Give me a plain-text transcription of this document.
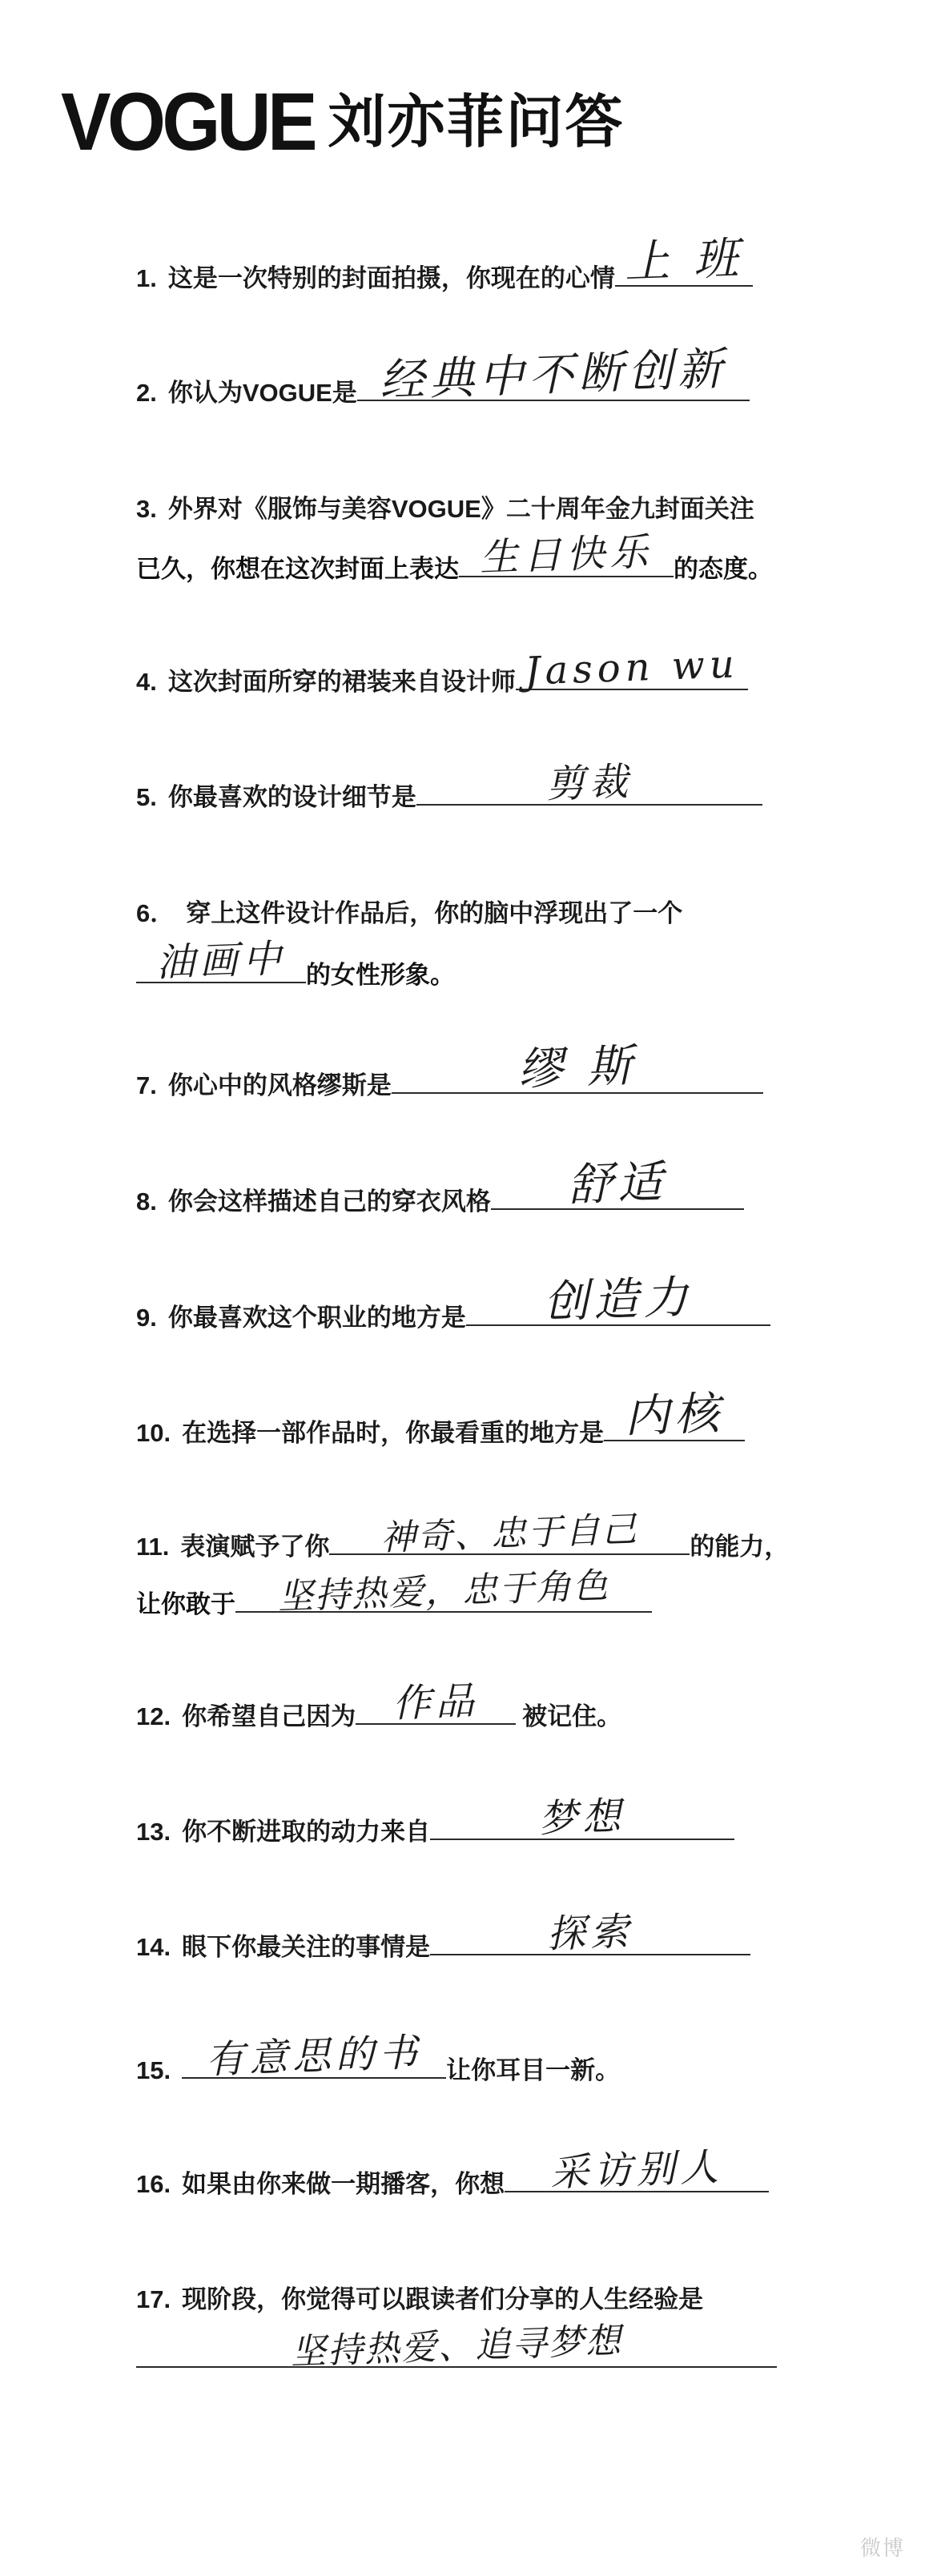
VOGUE 刘亦菲问答
1. 这是一次特别的封面拍摄，你现在的心情 上 班
2. 你认为VOGUE是 经典中不断创新
3. 外界对《服饰与美容VOGUE》二十周年金九封面关注
已久，你想在这次封面上表达 生日快乐 的态度。
4. 这次封面所穿的裙装来自设计师 Jason wu
5. 你最喜欢的设计细节是	剪裁
6． 穿上这件设计作品后，你的脑中浮现出了一个
油画中 的女性形象。
7. 你心中的风格缪斯是	缪 斯
8. 你会这样描述自己的穿衣风格	舒适
9. 你最喜欢这个职业的地方是	创造力
10. 在选择一部作品时，你最看重的地方是 内核
11. 表演赋予了你	神奇、忠于自己	的能力，
让你敢于	坚持热爱，忠于角色
12. 你希望自己因为 作品	被记住。
13. 你不断进取的动力来自	梦想
14. 眼下你最关注的事情是	探索
15. 有意思的书 让你耳目一新。
16. 如果由你来做一期播客，你想	采访别人
17. 现阶段，你觉得可以跟读者们分享的人生经验是
坚持热爱、追寻梦想
微博
